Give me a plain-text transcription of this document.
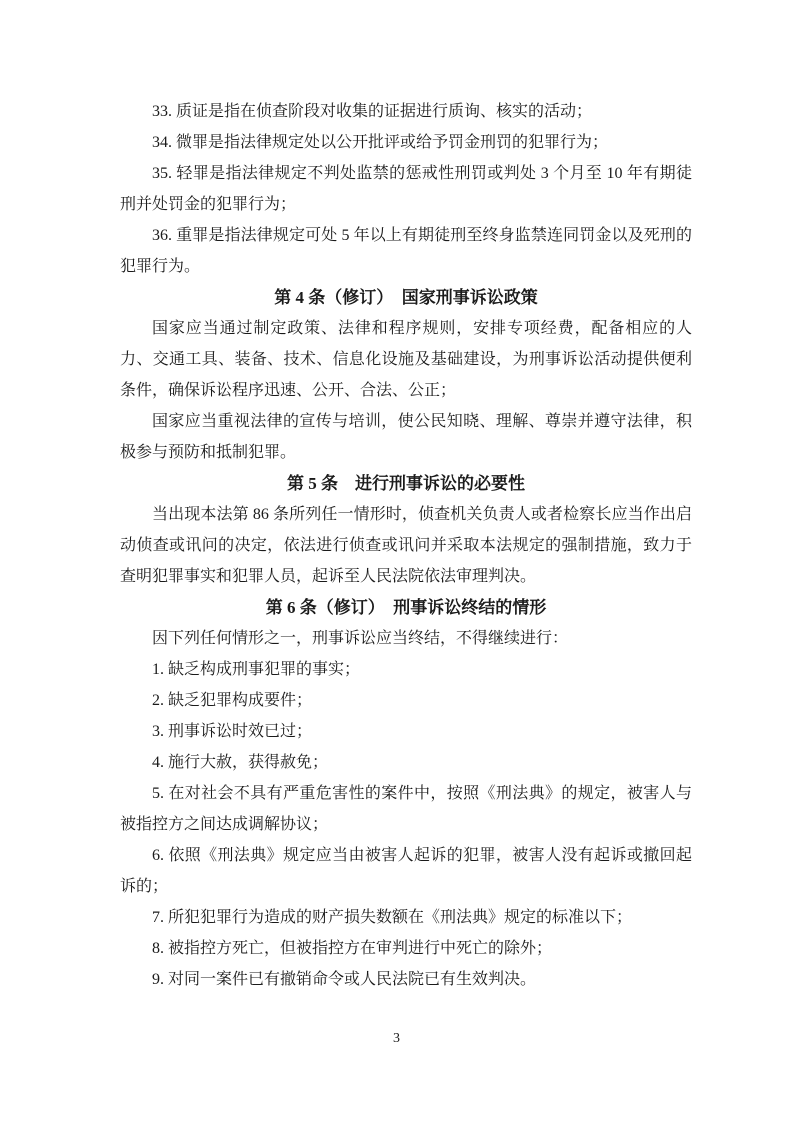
33. 质证是指在侦查阶段对收集的证据进行质询、核实的活动；

34. 微罪是指法律规定处以公开批评或给予罚金刑罚的犯罪行为；

35. 轻罪是指法律规定不判处监禁的惩戒性刑罚或判处 3 个月至 10 年有期徒刑并处罚金的犯罪行为；

36. 重罪是指法律规定可处 5 年以上有期徒刑至终身监禁连同罚金以及死刑的犯罪行为。

第 4 条（修订）　国家刑事诉讼政策

国家应当通过制定政策、法律和程序规则，安排专项经费，配备相应的人力、交通工具、装备、技术、信息化设施及基础建设，为刑事诉讼活动提供便利条件，确保诉讼程序迅速、公开、合法、公正；

国家应当重视法律的宣传与培训，使公民知晓、理解、尊崇并遵守法律，积极参与预防和抵制犯罪。

第 5 条　进行刑事诉讼的必要性

当出现本法第 86 条所列任一情形时，侦查机关负责人或者检察长应当作出启动侦查或讯问的决定，依法进行侦查或讯问并采取本法规定的强制措施，致力于查明犯罪事实和犯罪人员，起诉至人民法院依法审理判决。

第 6 条（修订）　刑事诉讼终结的情形

因下列任何情形之一，刑事诉讼应当终结，不得继续进行：

1. 缺乏构成刑事犯罪的事实；

2. 缺乏犯罪构成要件；

3. 刑事诉讼时效已过；

4. 施行大赦，获得赦免；

5. 在对社会不具有严重危害性的案件中，按照《刑法典》的规定，被害人与被指控方之间达成调解协议；

6. 依照《刑法典》规定应当由被害人起诉的犯罪，被害人没有起诉或撤回起诉的；

7. 所犯犯罪行为造成的财产损失数额在《刑法典》规定的标准以下；

8. 被指控方死亡，但被指控方在审判进行中死亡的除外；

9. 对同一案件已有撤销命令或人民法院已有生效判决。

3
